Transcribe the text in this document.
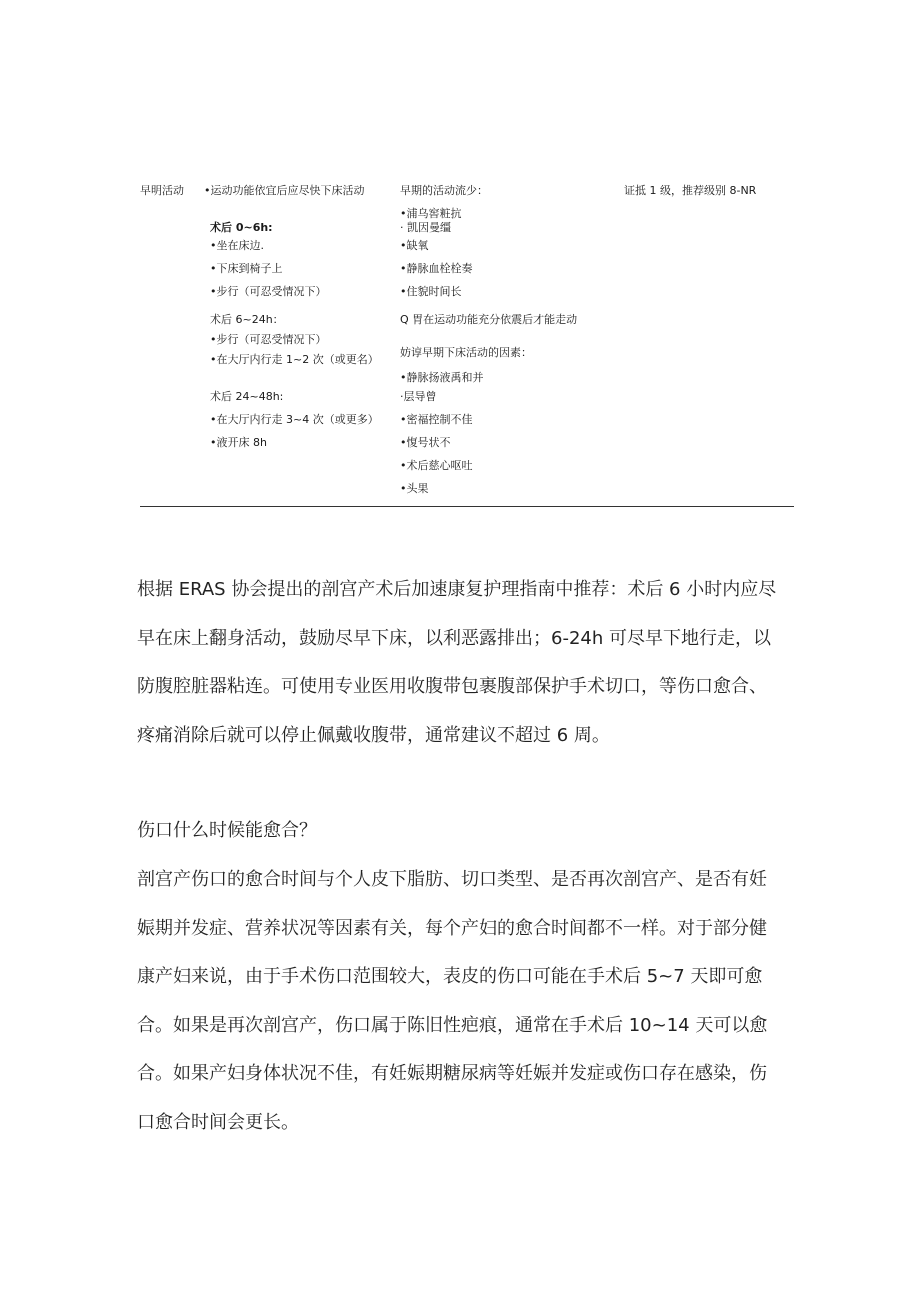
早明活动 •运动功能依宜后应尽快下床活动
术后 0~6h:
•坐在床边.
•下床到椅子上
•步行（可忍受情况下）
术后 6~24h：
•步行（可忍受情况下）
•在大厅内行走 1~2 次（或更名）
术后 24~48h:
•在大厅内行走 3~4 次（或更多）
•液开床 8h
早期的活动流少：
•浦乌窖粧抗
· 凯因曼缰
•缺氧
•静脉血栓栓奏
•住貌时间长
Q 胃在运动功能充分依震后才能走动
妨谆早期下床活动的因素：
•静脉扬液禹和并
·层导曾
•密福控制不佳
•愎号状不
•术后慈心呕吐
•头果
证抵 1 级，推荐级别 8-NR

根据 ERAS 协会提出的剖宫产术后加速康复护理指南中推荐：术后 6 小时内应尽

早在床上翻身活动，鼓励尽早下床，以利恶露排出；6-24h 可尽早下地行走，以

防腹腔脏器粘连。可使用专业医用收腹带包裹腹部保护手术切口，等伤口愈合、

疼痛消除后就可以停止佩戴收腹带，通常建议不超过 6 周。

伤口什么时候能愈合？

剖宫产伤口的愈合时间与个人皮下脂肪、切口类型、是否再次剖宫产、是否有妊

娠期并发症、营养状况等因素有关，每个产妇的愈合时间都不一样。对于部分健

康产妇来说，由于手术伤口范围较大，表皮的伤口可能在手术后 5~7 天即可愈

合。如果是再次剖宫产，伤口属于陈旧性疤痕，通常在手术后 10~14 天可以愈

合。如果产妇身体状况不佳，有妊娠期糖尿病等妊娠并发症或伤口存在感染，伤

口愈合时间会更长。
